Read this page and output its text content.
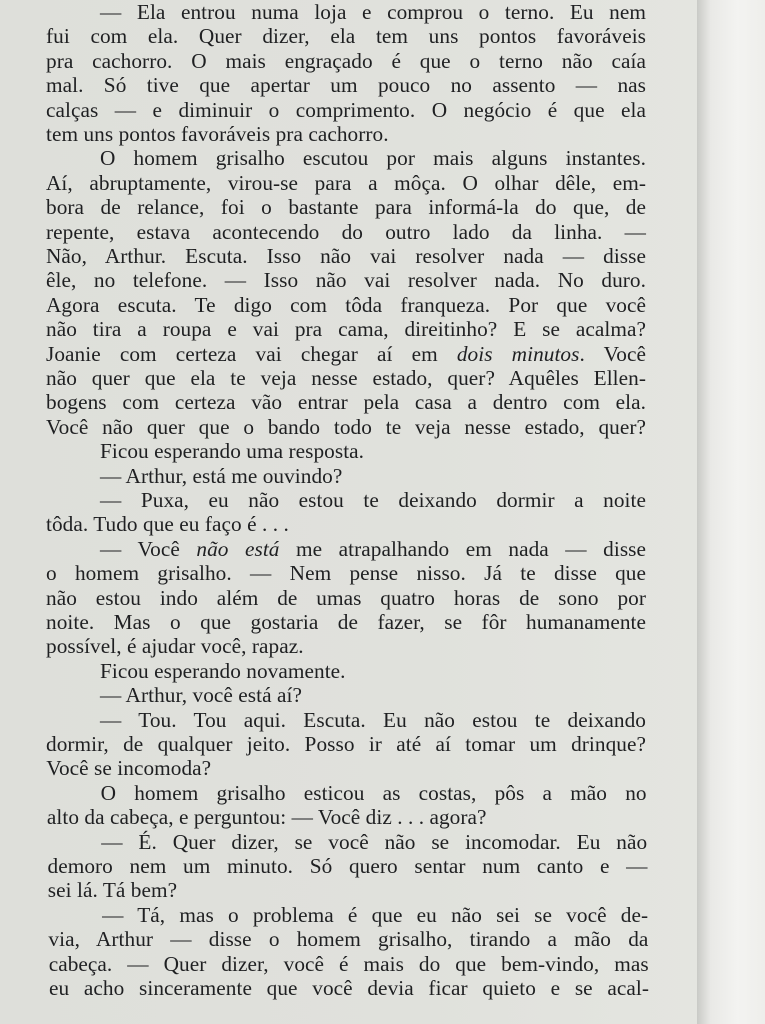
— Ela entrou numa loja e comprou o terno. Eu nem
fui com ela. Quer dizer, ela tem uns pontos favoráveis
pra cachorro. O mais engraçado é que o terno não caía
mal. Só tive que apertar um pouco no assento — nas
calças — e diminuir o comprimento. O negócio é que ela
tem uns pontos favoráveis pra cachorro.
O homem grisalho escutou por mais alguns instantes.
Aí, abruptamente, virou-se para a môça. O olhar dêle, em-
bora de relance, foi o bastante para informá-la do que, de
repente, estava acontecendo do outro lado da linha. —
Não, Arthur. Escuta. Isso não vai resolver nada — disse
êle, no telefone. — Isso não vai resolver nada. No duro.
Agora escuta. Te digo com tôda franqueza. Por que você
não tira a roupa e vai pra cama, direitinho? E se acalma?
Joanie com certeza vai chegar aí em dois minutos. Você
não quer que ela te veja nesse estado, quer? Aquêles Ellen-
bogens com certeza vão entrar pela casa a dentro com ela.
Você não quer que o bando todo te veja nesse estado, quer?
Ficou esperando uma resposta.
— Arthur, está me ouvindo?
— Puxa, eu não estou te deixando dormir a noite
tôda. Tudo que eu faço é . . .
— Você não está me atrapalhando em nada — disse
o homem grisalho. — Nem pense nisso. Já te disse que
não estou indo além de umas quatro horas de sono por
noite. Mas o que gostaria de fazer, se fôr humanamente
possível, é ajudar você, rapaz.
Ficou esperando novamente.
— Arthur, você está aí?
— Tou. Tou aqui. Escuta. Eu não estou te deixando
dormir, de qualquer jeito. Posso ir até aí tomar um drinque?
Você se incomoda?
O homem grisalho esticou as costas, pôs a mão no
alto da cabeça, e perguntou: — Você diz . . . agora?
— É. Quer dizer, se você não se incomodar. Eu não
demoro nem um minuto. Só quero sentar num canto e —
sei lá. Tá bem?
— Tá, mas o problema é que eu não sei se você de-
via, Arthur — disse o homem grisalho, tirando a mão da
cabeça. — Quer dizer, você é mais do que bem-vindo, mas
eu acho sinceramente que você devia ficar quieto e se acal-
